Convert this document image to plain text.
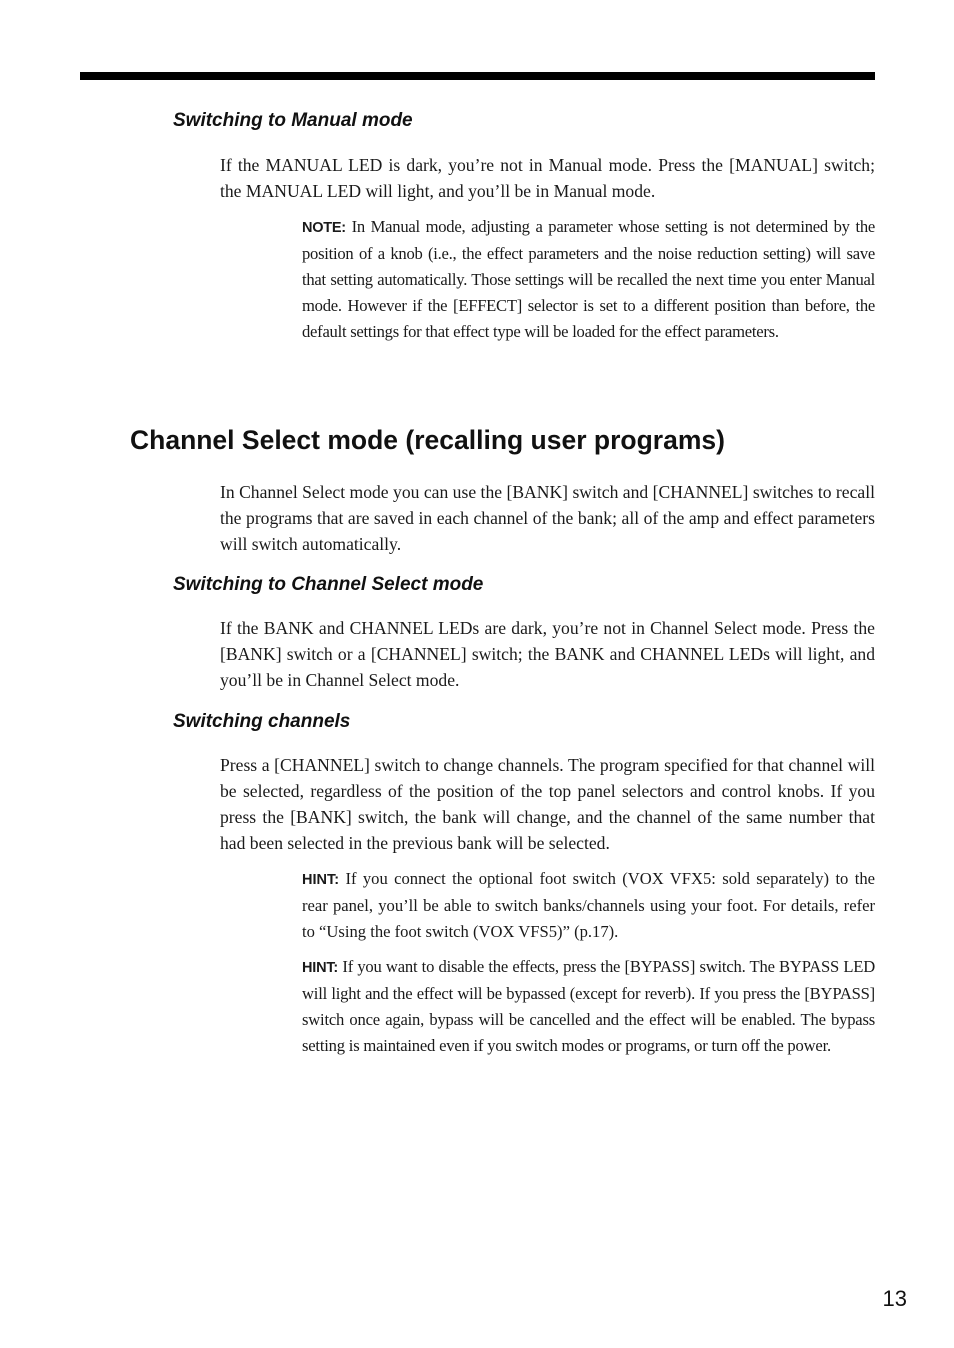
Switching to Manual mode

If the MANUAL LED is dark, you’re not in Manual mode. Press the [MANUAL] switch; the MANUAL LED will light, and you’ll be in Manual mode.

NOTE: In Manual mode, adjusting a parameter whose setting is not determined by the position of a knob (i.e., the effect parameters and the noise reduction setting) will save that setting automatically. Those settings will be recalled the next time you enter Manual mode. However if the [EFFECT] selector is set to a different position than before, the default settings for that effect type will be loaded for the effect parameters.

Channel Select mode (recalling user programs)

In Channel Select mode you can use the [BANK] switch and [CHANNEL] switches to recall the programs that are saved in each channel of the bank; all of the amp and effect parameters will switch automatically.

Switching to Channel Select mode

If the BANK and CHANNEL LEDs are dark, you’re not in Channel Select mode. Press the [BANK] switch or a [CHANNEL] switch; the BANK and CHANNEL LEDs will light, and you’ll be in Channel Select mode.

Switching channels

Press a [CHANNEL] switch to change channels. The program specified for that channel will be selected, regardless of the position of the top panel selectors and control knobs. If you press the [BANK] switch, the bank will change, and the channel of the same number that had been selected in the previous bank will be selected.

HINT: If you connect the optional foot switch (VOX VFX5: sold separately) to the rear panel, you’ll be able to switch banks/channels using your foot. For details, refer to “Using the foot switch (VOX VFS5)” (p.17).

HINT: If you want to disable the effects, press the [BYPASS] switch. The BYPASS LED will light and the effect will be bypassed (except for reverb). If you press the [BYPASS] switch once again, bypass will be cancelled and the effect will be enabled. The bypass setting is maintained even if you switch modes or programs, or turn off the power.

13
